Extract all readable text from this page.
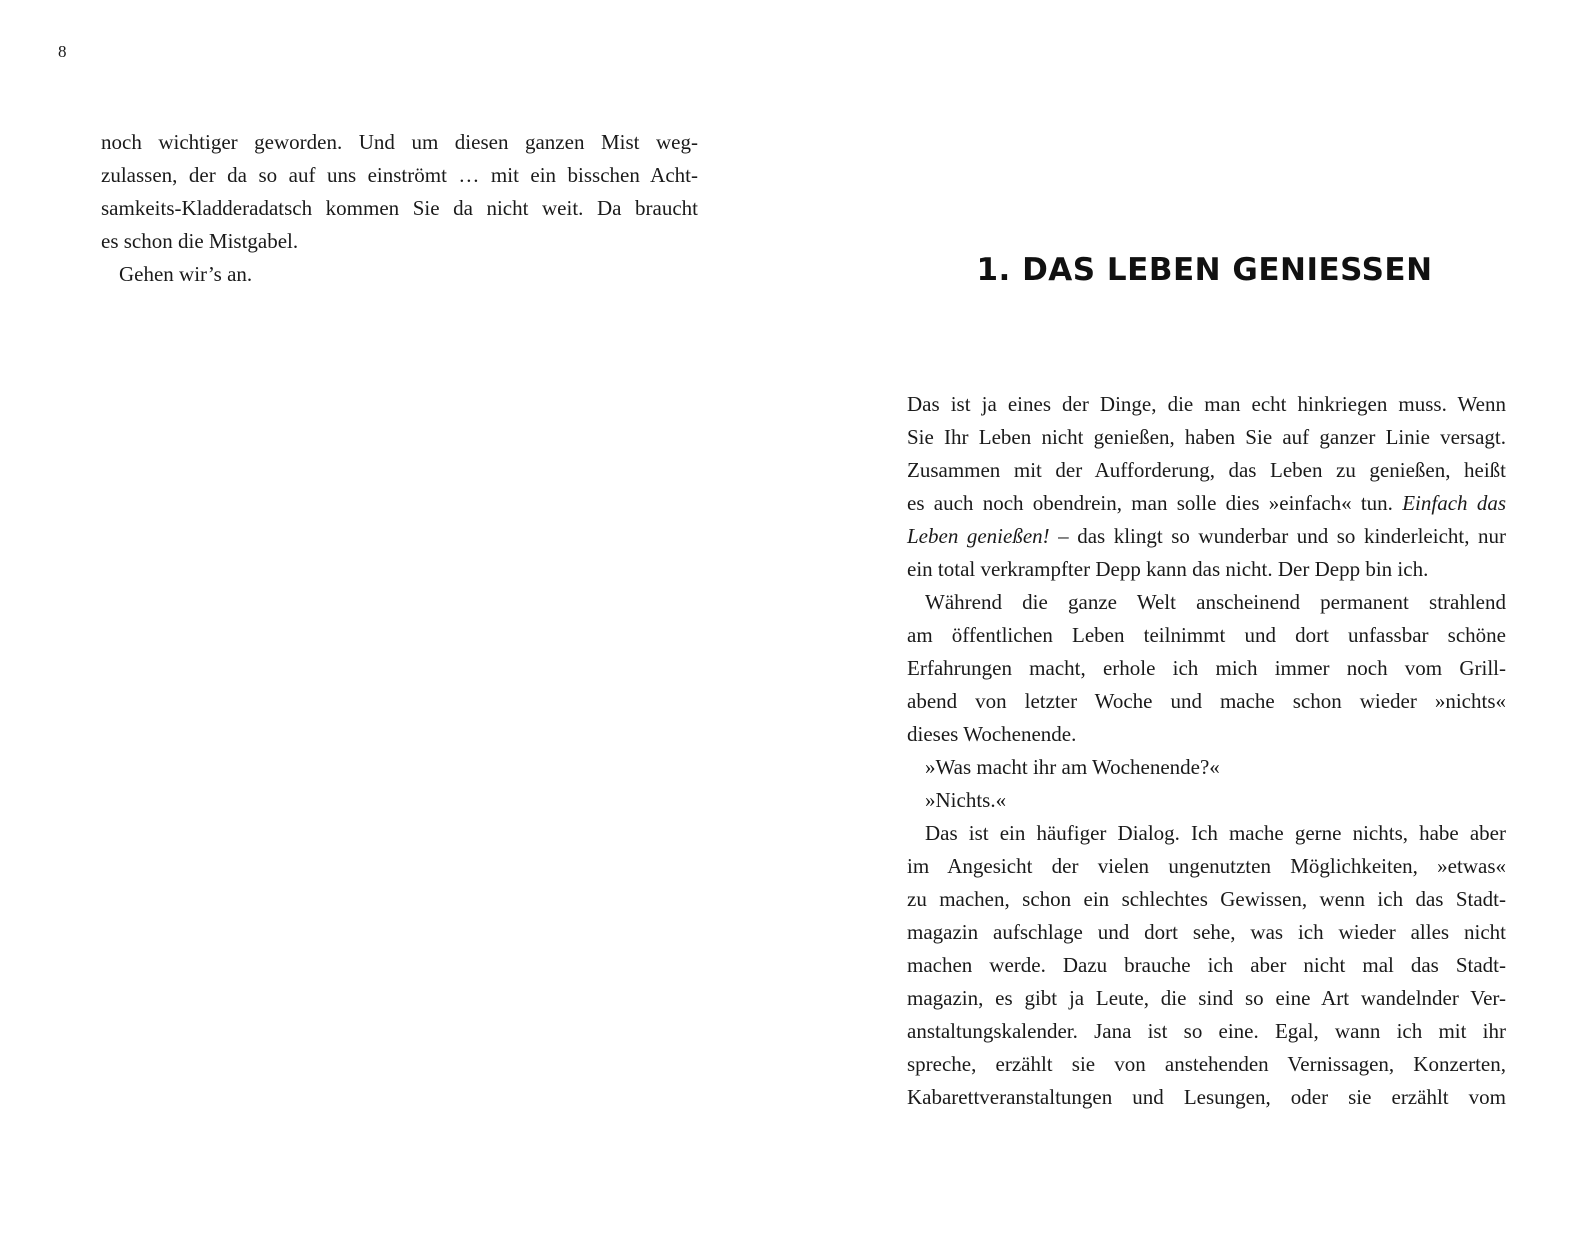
8
noch wichtiger geworden. Und um diesen ganzen Mist weg-
zulassen, der da so auf uns einströmt … mit ein bisschen Acht-
samkeits-Kladderadatsch kommen Sie da nicht weit. Da braucht
es schon die Mistgabel.
Gehen wir’s an.	1. DAS LEBEN GENIESSEN
Das ist ja eines der Dinge, die man echt hinkriegen muss. Wenn
Sie Ihr Leben nicht genießen, haben Sie auf ganzer Linie versagt.
Zusammen mit der Aufforderung, das Leben zu genießen, heißt
es auch noch obendrein, man solle dies »einfach« tun. Einfach das
Leben genießen! – das klingt so wunderbar und so kinderleicht, nur
ein total verkrampfter Depp kann das nicht. Der Depp bin ich.
Während die ganze Welt anscheinend permanent strahlend
am öffentlichen Leben teilnimmt und dort unfassbar schöne
Erfahrungen macht, erhole ich mich immer noch vom Grill-
abend von letzter Woche und mache schon wieder »nichts«
dieses Wochenende.
»Was macht ihr am Wochenende?«
»Nichts.«
Das ist ein häufiger Dialog. Ich mache gerne nichts, habe aber
im Angesicht der vielen ungenutzten Möglichkeiten, »etwas«
zu machen, schon ein schlechtes Gewissen, wenn ich das Stadt-
magazin aufschlage und dort sehe, was ich wieder alles nicht
machen werde. Dazu brauche ich aber nicht mal das Stadt-
magazin, es gibt ja Leute, die sind so eine Art wandelnder Ver-
anstaltungskalender. Jana ist so eine. Egal, wann ich mit ihr
spreche, erzählt sie von anstehenden Vernissagen, Konzerten,
Kabarettveranstaltungen und Lesungen, oder sie erzählt vom
